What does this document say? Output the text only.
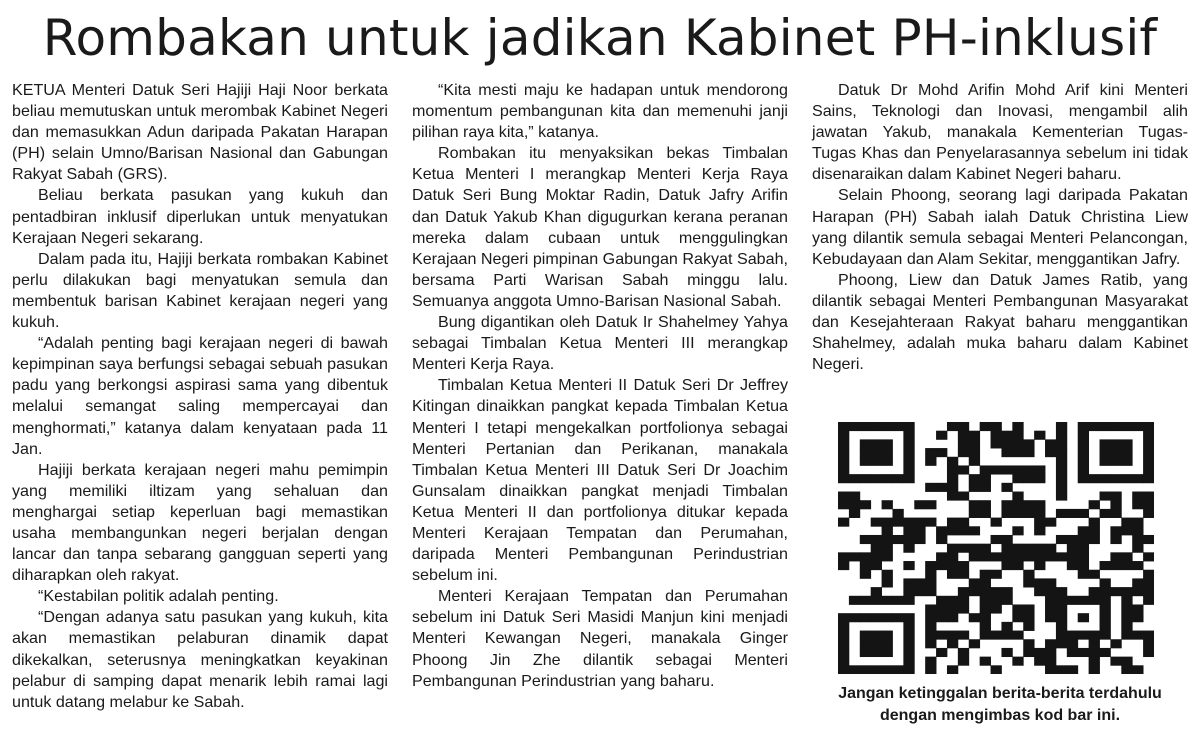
Rombakan untuk jadikan Kabinet PH-inklusif

KETUA Menteri Datuk Seri Hajiji Haji Noor berkata beliau memutuskan untuk merombak Kabinet Negeri dan memasukkan Adun daripada Pakatan Harapan (PH) selain Umno/Barisan Nasional dan Gabungan Rakyat Sabah (GRS).

Beliau berkata pasukan yang kukuh dan pentadbiran inklusif diperlukan untuk menyatukan Kerajaan Negeri sekarang.

Dalam pada itu, Hajiji berkata rombakan Kabinet perlu dilakukan bagi menyatukan semula dan membentuk barisan Kabinet kerajaan negeri yang kukuh.

“Adalah penting bagi kerajaan negeri di bawah kepimpinan saya berfungsi sebagai sebuah pasukan padu yang berkongsi aspirasi sama yang dibentuk melalui semangat saling mempercayai dan menghormati,” katanya dalam kenyataan pada 11 Jan.

Hajiji berkata kerajaan negeri mahu pemimpin yang memiliki iltizam yang sehaluan dan menghargai setiap keperluan bagi memastikan usaha membangunkan negeri berjalan dengan lancar dan tanpa sebarang gangguan seperti yang diharapkan oleh rakyat.

“Kestabilan politik adalah penting.

“Dengan adanya satu pasukan yang kukuh, kita akan memastikan pelaburan dinamik dapat dikekalkan, seterusnya meningkatkan keyakinan pelabur di samping dapat menarik lebih ramai lagi untuk datang melabur ke Sabah.

“Kita mesti maju ke hadapan untuk mendorong momentum pembangunan kita dan memenuhi janji pilihan raya kita,” katanya.

Rombakan itu menyaksikan bekas Timbalan Ketua Menteri I merangkap Menteri Kerja Raya Datuk Seri Bung Moktar Radin, Datuk Jafry Arifin dan Datuk Yakub Khan digugurkan kerana peranan mereka dalam cubaan untuk menggulingkan Kerajaan Negeri pimpinan Gabungan Rakyat Sabah, bersama Parti Warisan Sabah minggu lalu. Semuanya anggota Umno-Barisan Nasional Sabah.

Bung digantikan oleh Datuk Ir Shahelmey Yahya sebagai Timbalan Ketua Menteri III merangkap Menteri Kerja Raya.

Timbalan Ketua Menteri II Datuk Seri Dr Jeffrey Kitingan dinaikkan pangkat kepada Timbalan Ketua Menteri I tetapi mengekalkan portfolionya sebagai Menteri Pertanian dan Perikanan, manakala Timbalan Ketua Menteri III Datuk Seri Dr Joachim Gunsalam dinaikkan pangkat menjadi Timbalan Ketua Menteri II dan portfolionya ditukar kepada Menteri Kerajaan Tempatan dan Perumahan, daripada Menteri Pembangunan Perindustrian sebelum ini.

Menteri Kerajaan Tempatan dan Perumahan sebelum ini Datuk Seri Masidi Manjun kini menjadi Menteri Kewangan Negeri, manakala Ginger Phoong Jin Zhe dilantik sebagai Menteri Pembangunan Perindustrian yang baharu.

Datuk Dr Mohd Arifin Mohd Arif kini Menteri Sains, Teknologi dan Inovasi, mengambil alih jawatan Yakub, manakala Kementerian Tugas-Tugas Khas dan Penyelarasannya sebelum ini tidak disenaraikan dalam Kabinet Negeri baharu.

Selain Phoong, seorang lagi daripada Pakatan Harapan (PH) Sabah ialah Datuk Christina Liew yang dilantik semula sebagai Menteri Pelancongan, Kebudayaan dan Alam Sekitar, menggantikan Jafry.

Phoong, Liew dan Datuk James Ratib, yang dilantik sebagai Menteri Pembangunan Masyarakat dan Kesejahteraan Rakyat baharu menggantikan Shahelmey, adalah muka baharu dalam Kabinet Negeri.

Jangan ketinggalan berita-berita terdahulu
dengan mengimbas kod bar ini.
